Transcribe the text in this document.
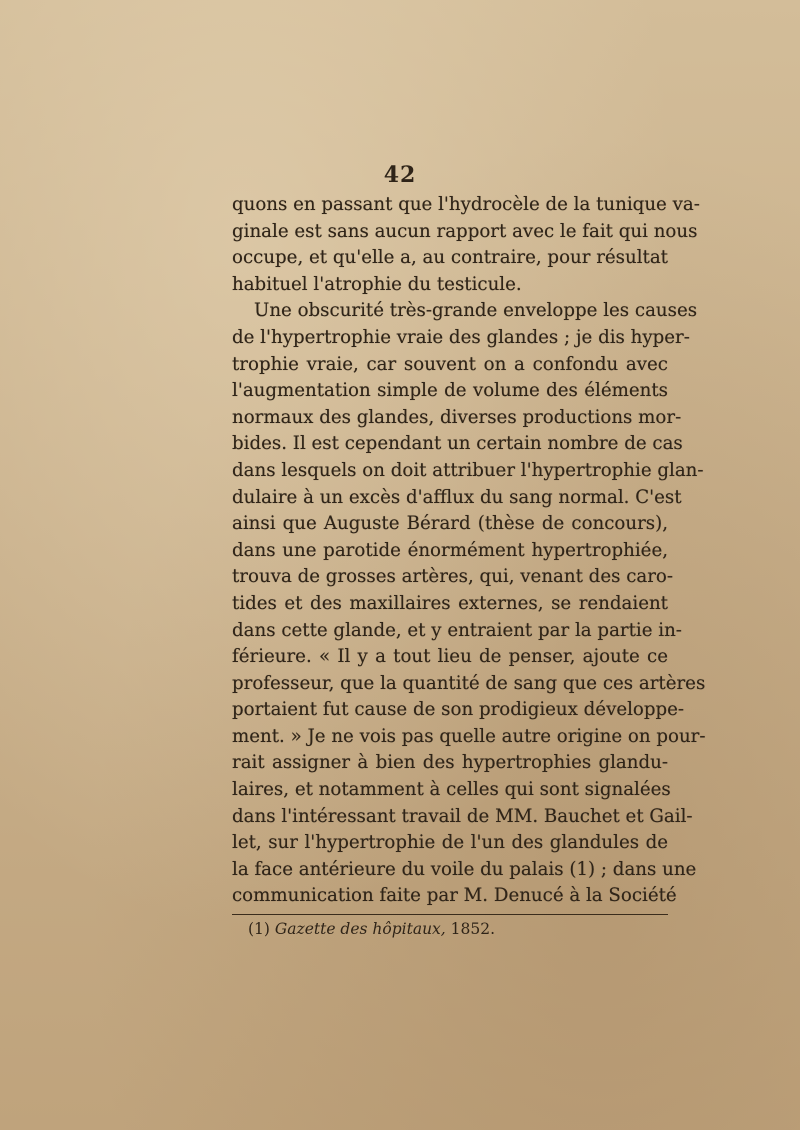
42
quons en passant que l'hydrocèle de la tunique va-
ginale est sans aucun rapport avec le fait qui nous
occupe, et qu'elle a, au contraire, pour résultat
habituel l'atrophie du testicule.
Une obscurité très-grande enveloppe les causes
de l'hypertrophie vraie des glandes ; je dis hyper-
trophie vraie, car souvent on a confondu avec
l'augmentation simple de volume des éléments
normaux des glandes, diverses productions mor-
bides. Il est cependant un certain nombre de cas
dans lesquels on doit attribuer l'hypertrophie glan-
dulaire à un excès d'afflux du sang normal. C'est
ainsi que Auguste Bérard (thèse de concours),
dans une parotide énormément hypertrophiée,
trouva de grosses artères, qui, venant des caro-
tides et des maxillaires externes, se rendaient
dans cette glande, et y entraient par la partie in-
férieure. « Il y a tout lieu de penser, ajoute ce
professeur, que la quantité de sang que ces artères
portaient fut cause de son prodigieux développe-
ment. » Je ne vois pas quelle autre origine on pour-
rait assigner à bien des hypertrophies glandu-
laires, et notamment à celles qui sont signalées
dans l'intéressant travail de MM. Bauchet et Gail-
let, sur l'hypertrophie de l'un des glandules de
la face antérieure du voile du palais (1) ; dans une
communication faite par M. Denucé à la Société
(1) Gazette des hôpitaux, 1852.
